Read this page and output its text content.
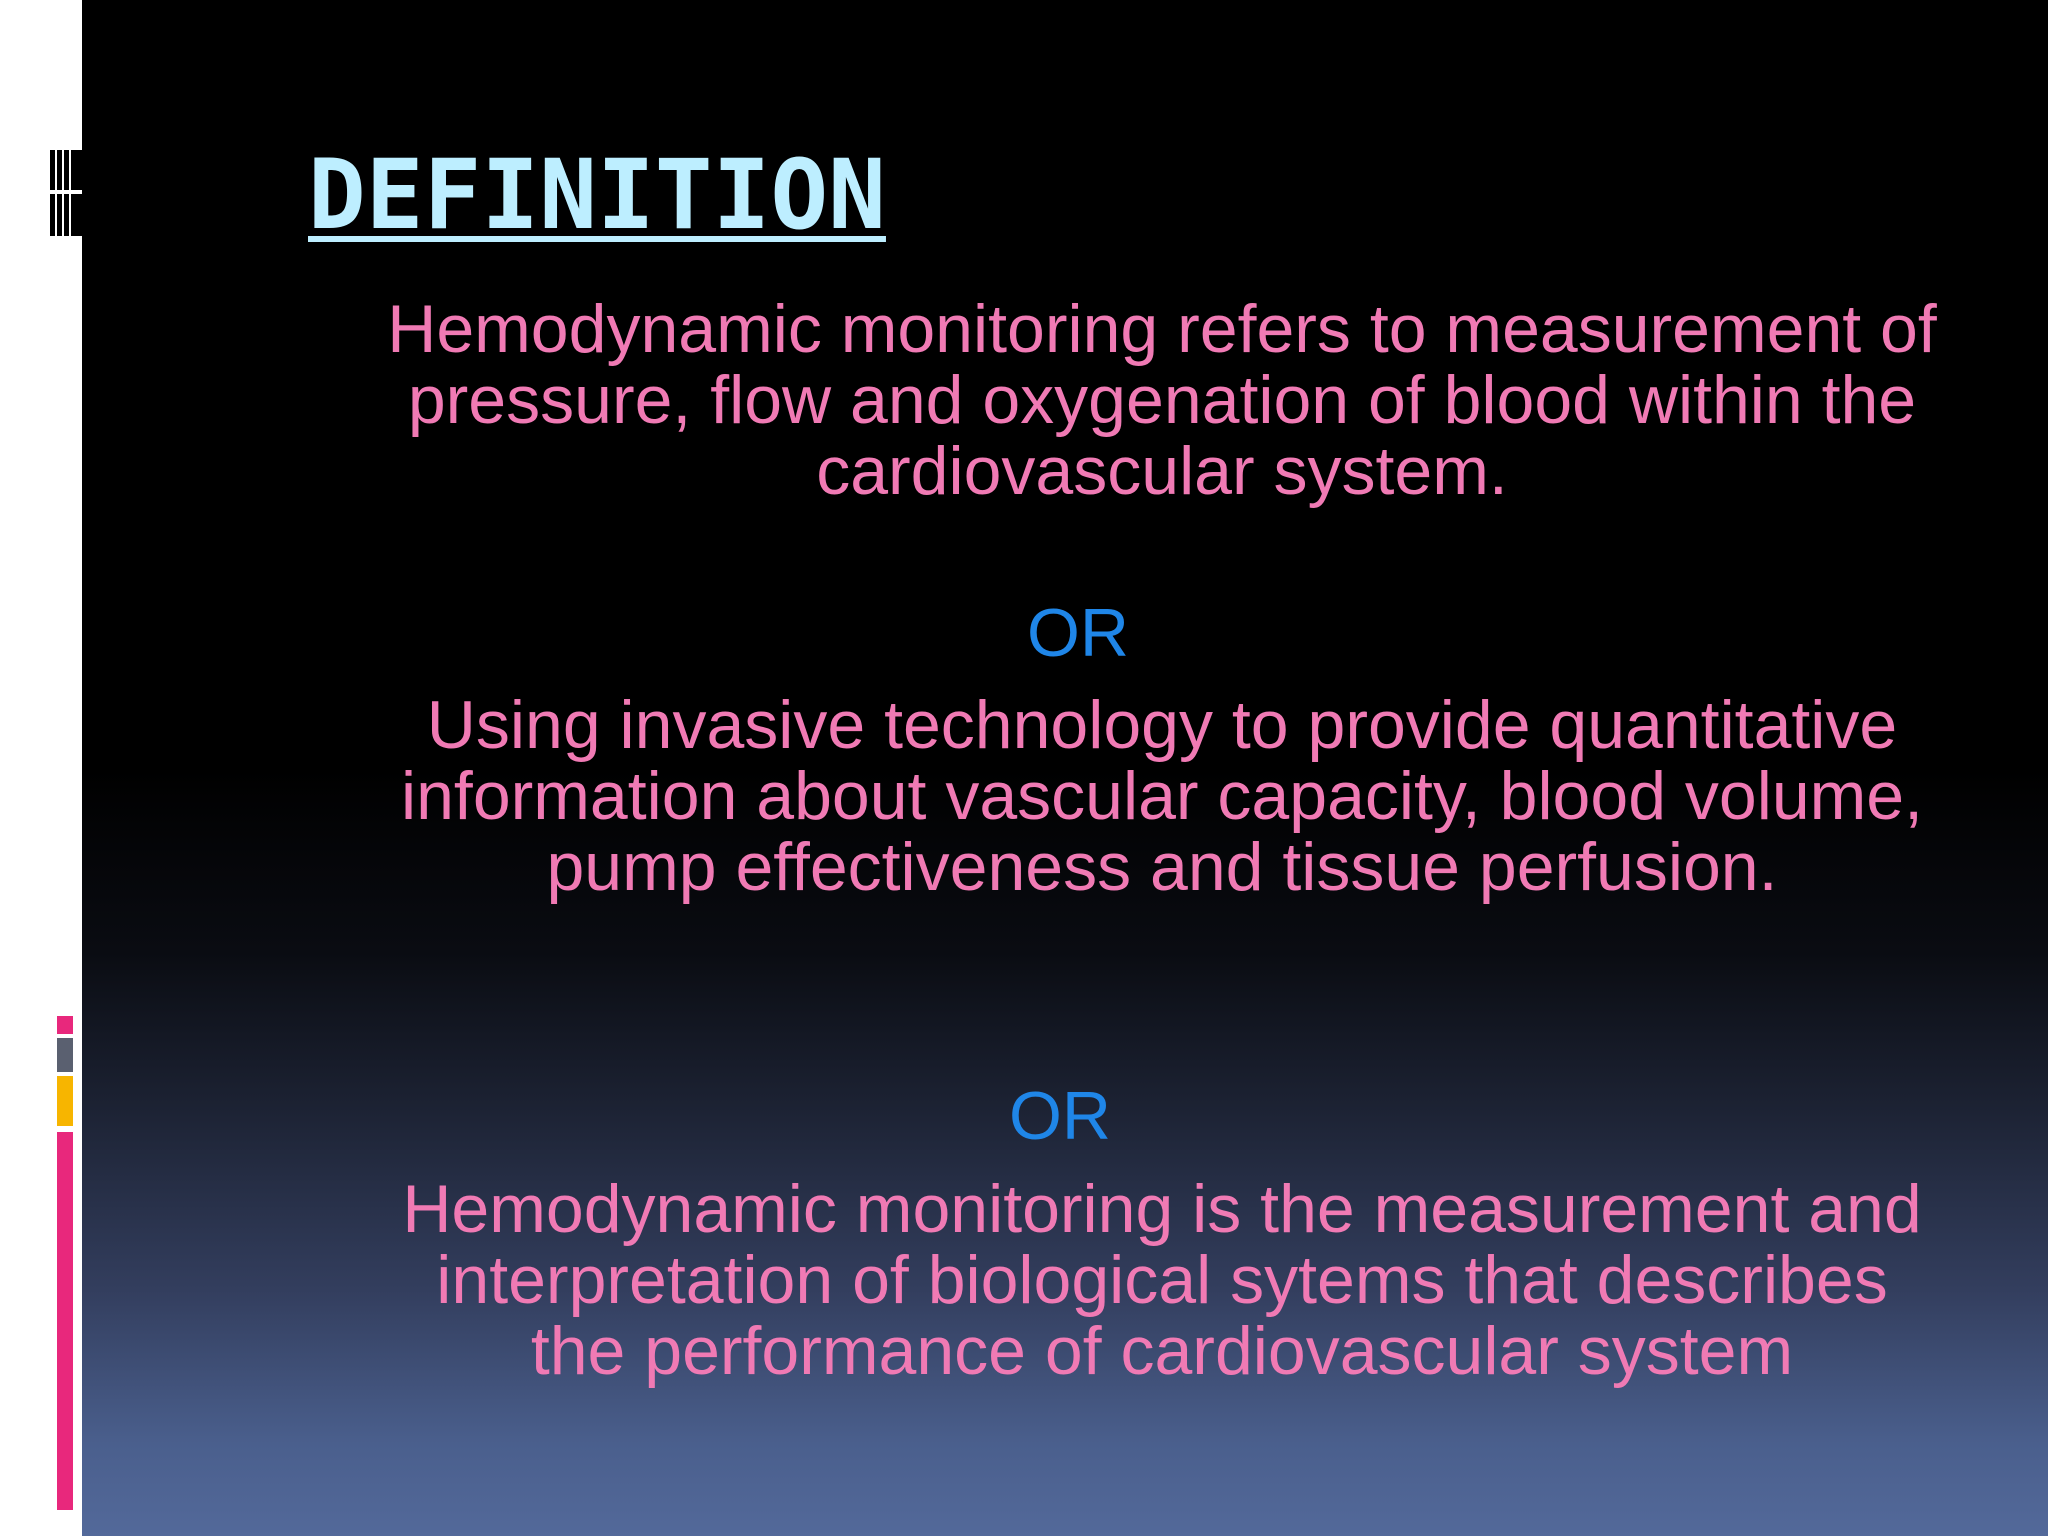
DEFINITION

Hemodynamic monitoring refers to measurement of pressure, flow and oxygenation of blood within the cardiovascular system.

OR

Using invasive technology to provide quantitative information about vascular capacity, blood volume, pump effectiveness and tissue perfusion.

OR

Hemodynamic monitoring is the measurement and interpretation of biological sytems that describes the performance of cardiovascular system
